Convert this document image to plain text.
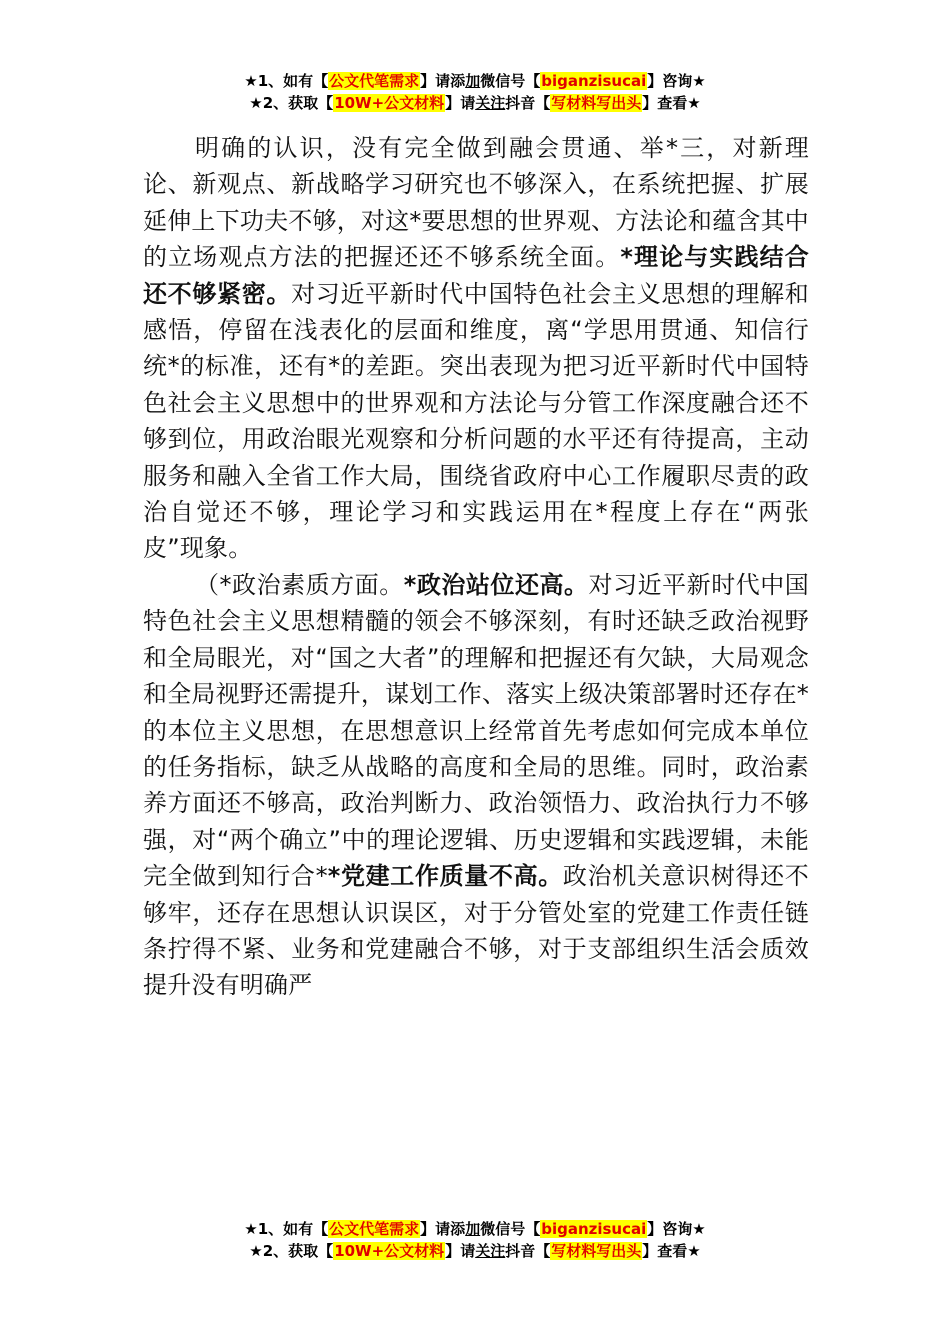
★1、如有【公文代笔需求】请添加微信号【biganzisucai】咨询★
★2、获取【10W+公文材料】请关注抖音【写材料写出头】查看★

明确的认识，没有完全做到融会贯通、举*三，对新理论、新观点、新战略学习研究也不够深入，在系统把握、扩展延伸上下功夫不够，对这*要思想的世界观、方法论和蕴含其中的立场观点方法的把握还还不够系统全面。*理论与实践结合还不够紧密。对习近平新时代中国特色社会主义思想的理解和感悟，停留在浅表化的层面和维度，离“学思用贯通、知信行统*的标准，还有*的差距。突出表现为把习近平新时代中国特色社会主义思想中的世界观和方法论与分管工作深度融合还不够到位，用政治眼光观察和分析问题的水平还有待提高，主动服务和融入全省工作大局，围绕省政府中心工作履职尽责的政治自觉还不够，理论学习和实践运用在*程度上存在“两张皮”现象。

（*政治素质方面。*政治站位还高。对习近平新时代中国特色社会主义思想精髓的领会不够深刻，有时还缺乏政治视野和全局眼光，对“国之大者”的理解和把握还有欠缺，大局观念和全局视野还需提升，谋划工作、落实上级决策部署时还存在*的本位主义思想，在思想意识上经常首先考虑如何完成本单位的任务指标，缺乏从战略的高度和全局的思维。同时，政治素养方面还不够高，政治判断力、政治领悟力、政治执行力不够强，对“两个确立”中的理论逻辑、历史逻辑和实践逻辑，未能完全做到知行合**党建工作质量不高。政治机关意识树得还不够牢，还存在思想认识误区，对于分管处室的党建工作责任链条拧得不紧、业务和党建融合不够，对于支部组织生活会质效提升没有明确严

★1、如有【公文代笔需求】请添加微信号【biganzisucai】咨询★
★2、获取【10W+公文材料】请关注抖音【写材料写出头】查看★
